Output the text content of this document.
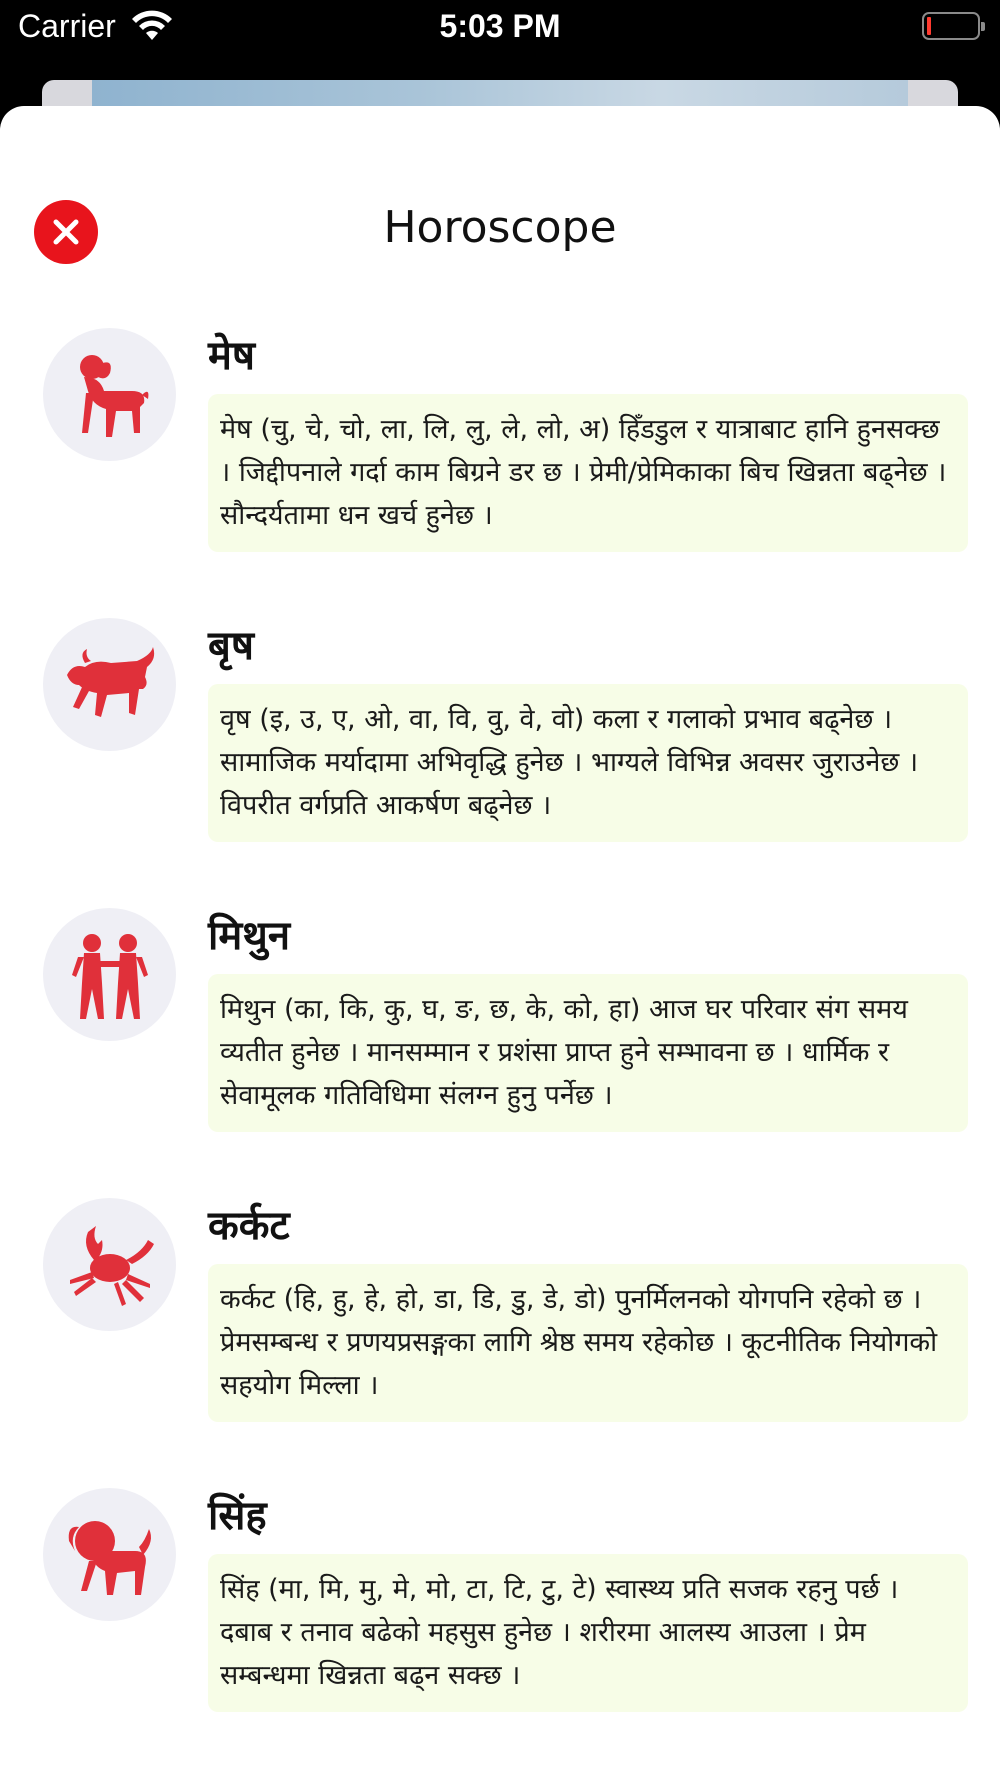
Carrier	5:03 PM
Horoscope
मेष
मेष (चु, चे, चो, ला, लि, लु, ले, लो, अ) हिँडडुल र यात्राबाट हानि हुनसक्छ । जिद्दीपनाले गर्दा काम बिग्रने डर छ । प्रेमी/प्रेमिकाका बिच खिन्नता बढ्नेछ । सौन्दर्यतामा धन खर्च हुनेछ ।
बृष
वृष (इ, उ, ए, ओ, वा, वि, वु, वे, वो) कला र गलाको प्रभाव बढ्नेछ । सामाजिक मर्यादामा अभिवृद्धि हुनेछ । भाग्यले विभिन्न अवसर जुराउनेछ । विपरीत वर्गप्रति आकर्षण बढ्नेछ ।
मिथुन
मिथुन (का, कि, कु, घ, ङ, छ, के, को, हा) आज घर परिवार संग समय व्यतीत हुनेछ । मानसम्मान र प्रशंसा प्राप्त हुने सम्भावना छ । धार्मिक र सेवामूलक गतिविधिमा संलग्न हुनु पर्नेछ ।
कर्कट
कर्कट (हि, हु, हे, हो, डा, डि, डु, डे, डो) पुनर्मिलनको योगपनि रहेको छ । प्रेमसम्बन्ध र प्रणयप्रसङ्गका लागि श्रेष्ठ समय रहेकोछ । कूटनीतिक नियोगको सहयोग मिल्ला ।
सिंह
सिंह (मा, मि, मु, मे, मो, टा, टि, टु, टे) स्वास्थ्य प्रति सजक रहनु पर्छ । दबाब र तनाव बढेको महसुस हुनेछ । शरीरमा आलस्य आउला । प्रेम सम्बन्धमा खिन्नता बढ्न सक्छ ।
